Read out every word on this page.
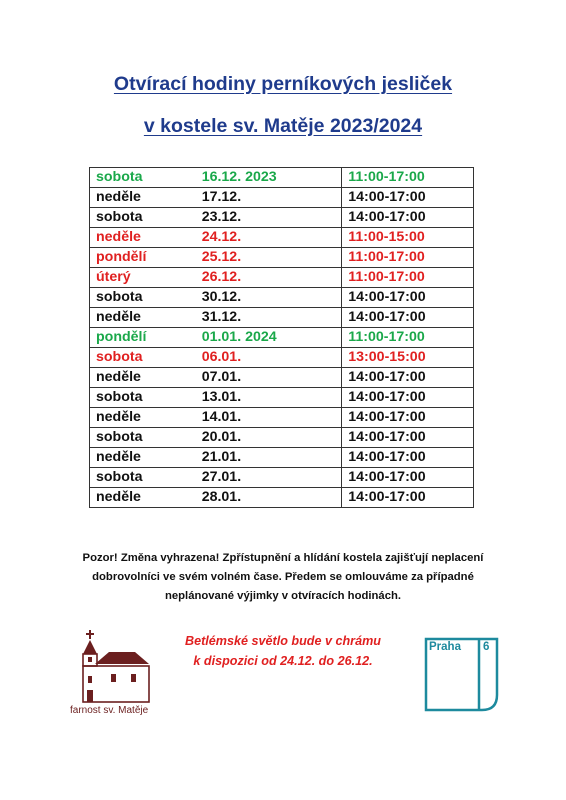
Otvírací hodiny perníkových jesliček
v kostele sv. Matěje 2023/2024
sobota	16.12. 2023	11:00-17:00
neděle	17.12.	14:00-17:00
sobota	23.12.	14:00-17:00
neděle	24.12.	11:00-15:00
pondělí	25.12.	11:00-17:00
úterý	26.12.	11:00-17:00
sobota	30.12.	14:00-17:00
neděle	31.12.	14:00-17:00
pondělí	01.01. 2024	11:00-17:00
sobota	06.01.	13:00-15:00
neděle	07.01.	14:00-17:00
sobota	13.01.	14:00-17:00
neděle	14.01.	14:00-17:00
sobota	20.01.	14:00-17:00
neděle	21.01.	14:00-17:00
sobota	27.01.	14:00-17:00
neděle	28.01.	14:00-17:00
Pozor! Změna vyhrazena! Zpřístupnění a hlídání kostela zajišťují neplacení
dobrovolníci ve svém volném čase. Předem se omlouváme za případné
neplánované výjimky v otvíracích hodinách.
Betlémské světlo bude v chrámu
k dispozici od 24.12. do 26.12.
farnost sv. Matěje
Praha 6
